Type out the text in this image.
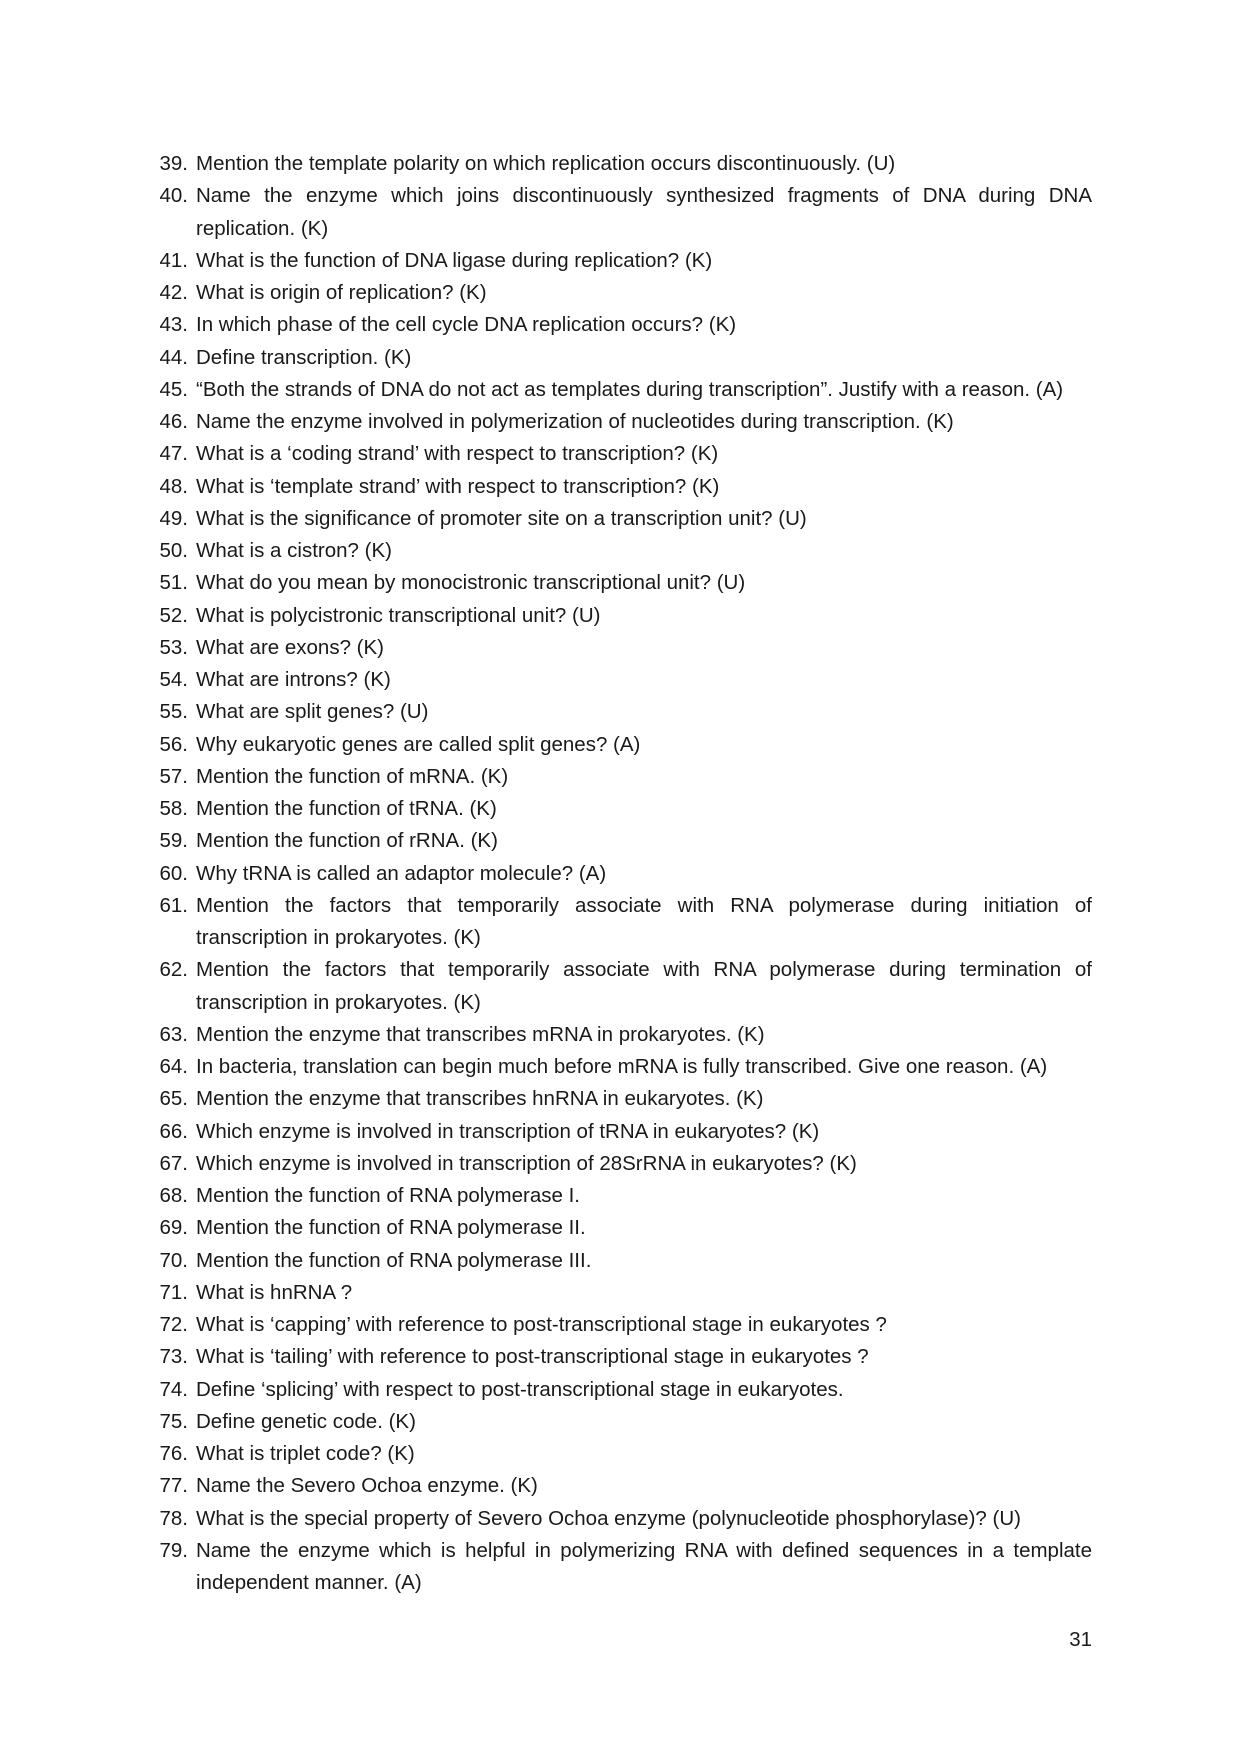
39. Mention the template polarity on which replication occurs discontinuously. (U)
40. Name the enzyme which joins discontinuously synthesized fragments of DNA during DNA replication. (K)
41. What is the function of DNA ligase during replication? (K)
42. What is origin of replication? (K)
43. In which phase of the cell cycle DNA replication occurs? (K)
44. Define transcription. (K)
45. “Both the strands of DNA do not act as templates during transcription”. Justify with a reason. (A)
46. Name the enzyme involved in polymerization of nucleotides during transcription. (K)
47. What is a ‘coding strand’ with respect to transcription? (K)
48. What is ‘template strand’ with respect to transcription? (K)
49. What is the significance of promoter site on a transcription unit? (U)
50. What is a cistron? (K)
51. What do you mean by monocistronic transcriptional unit? (U)
52. What is polycistronic transcriptional unit? (U)
53. What are exons? (K)
54. What are introns? (K)
55. What are split genes? (U)
56. Why eukaryotic genes are called split genes? (A)
57. Mention the function of mRNA. (K)
58. Mention the function of tRNA. (K)
59. Mention the function of rRNA. (K)
60. Why tRNA is called an adaptor molecule? (A)
61. Mention the factors that temporarily associate with RNA polymerase during initiation of transcription in prokaryotes. (K)
62. Mention the factors that temporarily associate with RNA polymerase during termination of transcription in prokaryotes. (K)
63. Mention the enzyme that transcribes mRNA in prokaryotes. (K)
64. In bacteria, translation can begin much before mRNA is fully transcribed. Give one reason. (A)
65. Mention the enzyme that transcribes hnRNA in eukaryotes. (K)
66. Which enzyme is involved in transcription of tRNA in eukaryotes? (K)
67. Which enzyme is involved in transcription of 28SrRNA in eukaryotes? (K)
68. Mention the function of RNA polymerase I.
69. Mention the function of RNA polymerase II.
70. Mention the function of RNA polymerase III.
71. What is hnRNA ?
72. What is ‘capping’ with reference to post-transcriptional stage in eukaryotes ?
73. What is ‘tailing’ with reference to post-transcriptional stage in eukaryotes ?
74. Define ‘splicing’ with respect to post-transcriptional stage in eukaryotes.
75. Define genetic code. (K)
76. What is triplet code? (K)
77. Name the Severo Ochoa enzyme. (K)
78. What is the special property of Severo Ochoa enzyme (polynucleotide phosphorylase)? (U)
79. Name the enzyme which is helpful in polymerizing RNA with defined sequences in a template independent manner. (A)
31
